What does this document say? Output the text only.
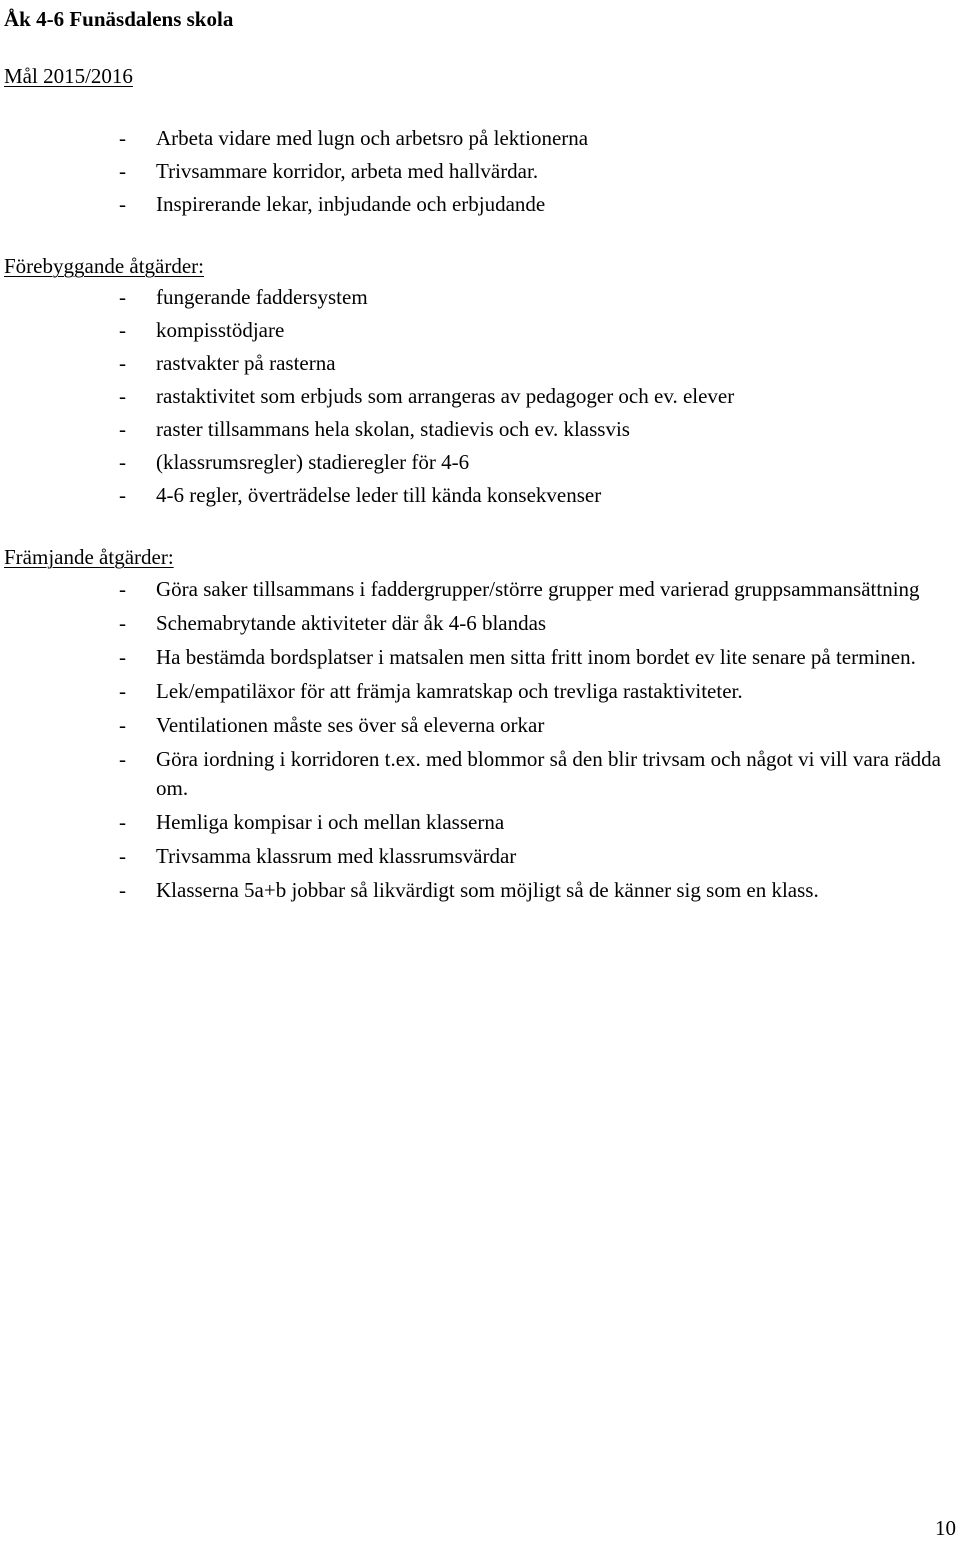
Åk 4-6 Funäsdalens skola
Mål 2015/2016
- Arbeta vidare med lugn och arbetsro på lektionerna
- Trivsammare korridor, arbeta med hallvärdar.
- Inspirerande lekar, inbjudande och erbjudande
Förebyggande åtgärder:
- fungerande faddersystem
- kompisstödjare
- rastvakter på rasterna
- rastaktivitet som erbjuds som arrangeras av pedagoger och ev. elever
- raster tillsammans hela skolan, stadievis och ev. klassvis
- (klassrumsregler) stadieregler för 4-6
- 4-6 regler, överträdelse leder till kända konsekvenser
Främjande åtgärder:
- Göra saker tillsammans i faddergrupper/större grupper med varierad gruppsammansättning
- Schemabrytande aktiviteter där åk 4-6 blandas
- Ha bestämda bordsplatser i matsalen men sitta fritt inom bordet ev lite senare på terminen.
- Lek/empatiläxor för att främja kamratskap och trevliga rastaktiviteter.
- Ventilationen måste ses över så eleverna orkar
- Göra iordning i korridoren t.ex. med blommor så den blir trivsam och något vi vill vara rädda om.
- Hemliga kompisar i och mellan klasserna
- Trivsamma klassrum med klassrumsvärdar
- Klasserna 5a+b jobbar så likvärdigt som möjligt så de känner sig som en klass.
10
